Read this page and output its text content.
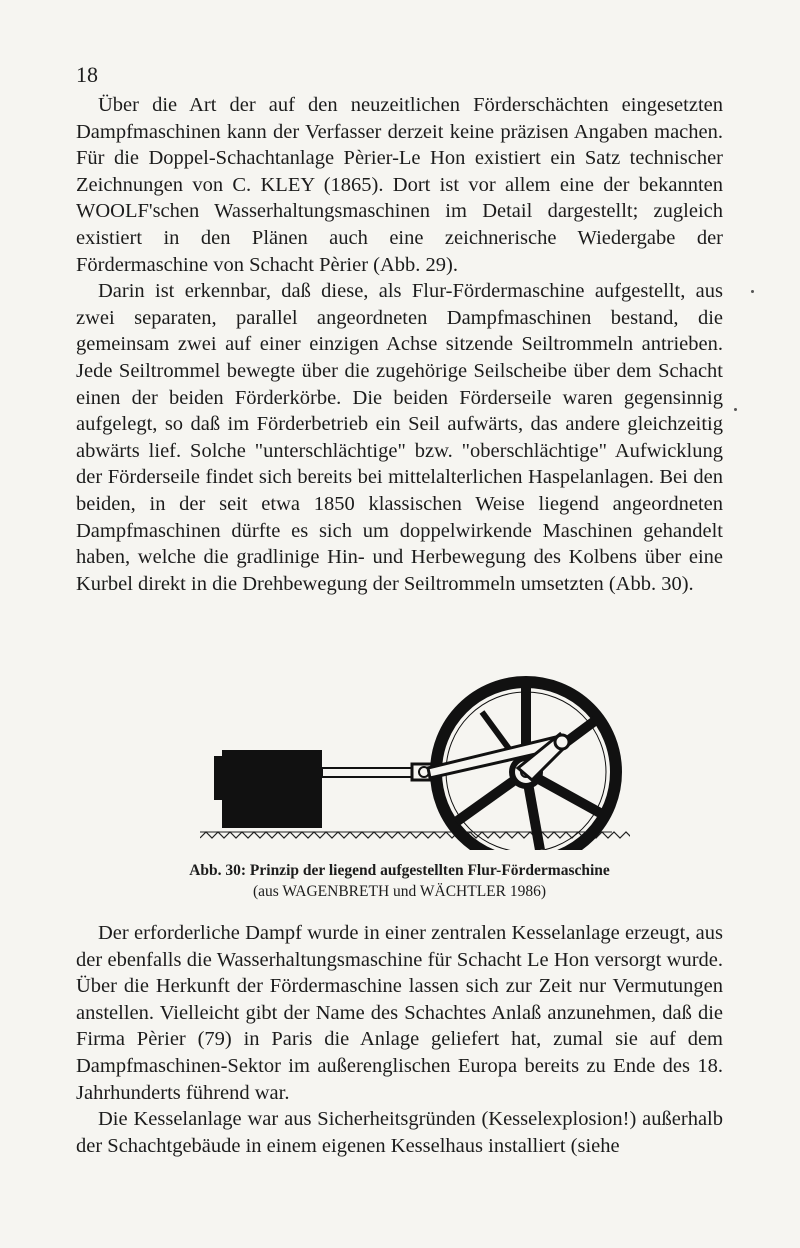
18

Über die Art der auf den neuzeitlichen Förderschächten eingesetzten Dampfmaschinen kann der Verfasser derzeit keine präzisen Angaben machen. Für die Doppel-Schachtanlage Pèrier-Le Hon existiert ein Satz technischer Zeichnungen von C. KLEY (1865). Dort ist vor allem eine der bekannten WOOLF'schen Wasserhaltungsmaschinen im Detail dargestellt; zugleich existiert in den Plänen auch eine zeichnerische Wiedergabe der Fördermaschine von Schacht Pèrier (Abb. 29).

Darin ist erkennbar, daß diese, als Flur-Fördermaschine aufgestellt, aus zwei separaten, parallel angeordneten Dampfmaschinen bestand, die gemeinsam zwei auf einer einzigen Achse sitzende Seiltrommeln antrieben. Jede Seiltrommel bewegte über die zugehörige Seilscheibe über dem Schacht einen der beiden Förderkörbe. Die beiden Förderseile waren gegensinnig aufgelegt, so daß im Förderbetrieb ein Seil aufwärts, das andere gleichzeitig abwärts lief. Solche "unterschlächtige" bzw. "oberschlächtige" Aufwicklung der Förderseile findet sich bereits bei mittelalterlichen Haspelanlagen. Bei den beiden, in der seit etwa 1850 klassischen Weise liegend angeordneten Dampfmaschinen dürfte es sich um doppelwirkende Maschinen gehandelt haben, welche die gradlinige Hin- und Herbewegung des Kolbens über eine Kurbel direkt in die Drehbewegung der Seiltrommeln umsetzten (Abb. 30).

Abb. 30: Prinzip der liegend aufgestellten Flur-Fördermaschine
(aus WAGENBRETH und WÄCHTLER 1986)

Der erforderliche Dampf wurde in einer zentralen Kesselanlage erzeugt, aus der ebenfalls die Wasserhaltungsmaschine für Schacht Le Hon versorgt wurde. Über die Herkunft der Fördermaschine lassen sich zur Zeit nur Vermutungen anstellen. Vielleicht gibt der Name des Schachtes Anlaß anzunehmen, daß die Firma Pèrier (79) in Paris die Anlage geliefert hat, zumal sie auf dem Dampfmaschinen-Sektor im außerenglischen Europa bereits zu Ende des 18. Jahrhunderts führend war.

Die Kesselanlage war aus Sicherheitsgründen (Kesselexplosion!) außerhalb der Schachtgebäude in einem eigenen Kesselhaus installiert (siehe
